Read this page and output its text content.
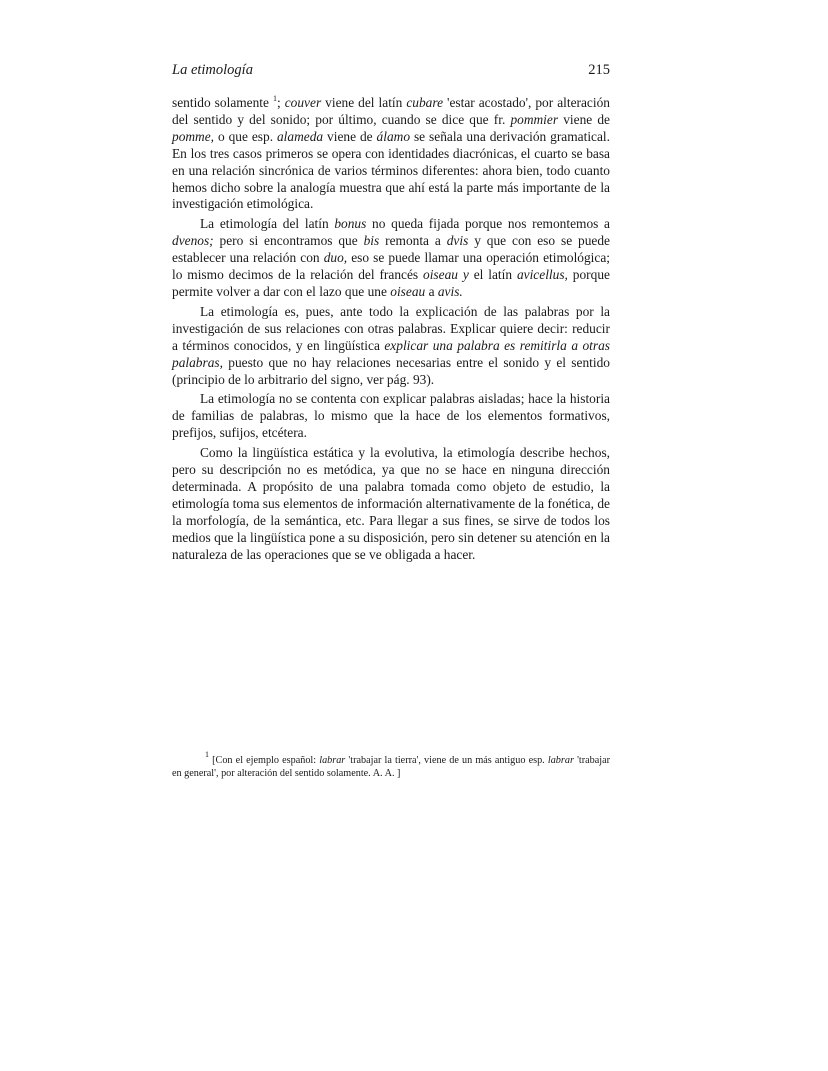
La etimología	215

sentido solamente $^1$; couver viene del latín cubare 'estar acostado', por alteración del sentido y del sonido; por último, cuando se dice que fr. pommier viene de pomme, o que esp. alameda viene de álamo se señala una derivación gramatical. En los tres casos primeros se opera con identidades diacrónicas, el cuarto se basa en una relación sincrónica de varios términos diferentes: ahora bien, todo cuanto hemos dicho sobre la analogía muestra que ahí está la parte más importante de la investigación etimológica.

La etimología del latín bonus no queda fijada porque nos remontemos a dvenos; pero si encontramos que bis remonta a dvis y que con eso se puede establecer una relación con duo, eso se puede llamar una operación etimológica; lo mismo decimos de la relación del francés oiseau y el latín avicellus, porque permite volver a dar con el lazo que une oiseau a avis.

La etimología es, pues, ante todo la explicación de las palabras por la investigación de sus relaciones con otras palabras. Explicar quiere decir: reducir a términos conocidos, y en lingüística explicar una palabra es remitirla a otras palabras, puesto que no hay relaciones necesarias entre el sonido y el sentido (principio de lo arbitrario del signo, ver pág. 93).

La etimología no se contenta con explicar palabras aisladas; hace la historia de familias de palabras, lo mismo que la hace de los elementos formativos, prefijos, sufijos, etcétera.

Como la lingüística estática y la evolutiva, la etimología describe hechos, pero su descripción no es metódica, ya que no se hace en ninguna dirección determinada. A propósito de una palabra tomada como objeto de estudio, la etimología toma sus elementos de información alternativamente de la fonética, de la morfología, de la semántica, etc. Para llegar a sus fines, se sirve de todos los medios que la lingüística pone a su disposición, pero sin detener su atención en la naturaleza de las operaciones que se ve obligada a hacer.

$^1$ [Con el ejemplo español: labrar 'trabajar la tierra', viene de un más antiguo esp. labrar 'trabajar en general', por alteración del sentido solamente. A. A. ]
